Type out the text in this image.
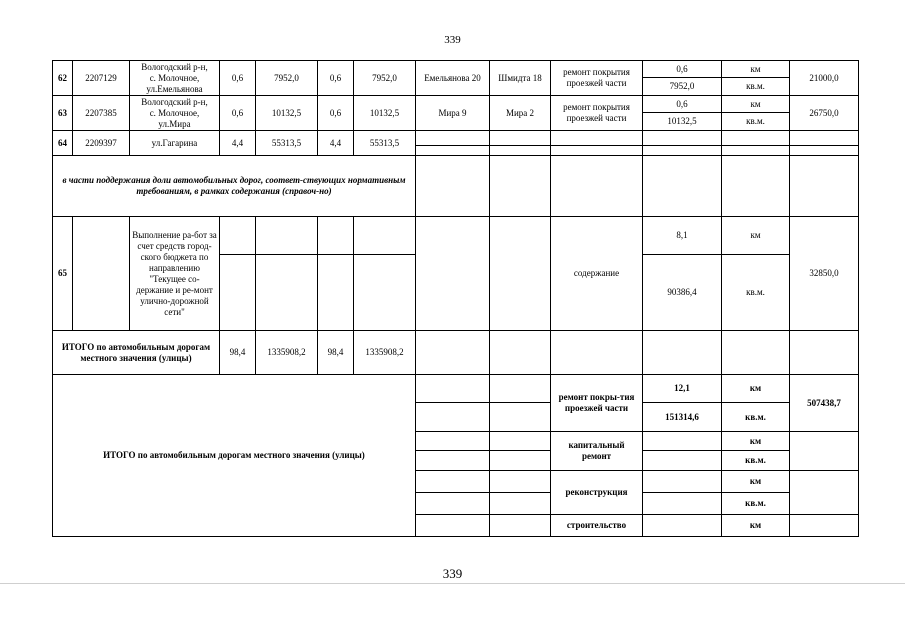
339
62	2207129	Вологодский р-н,
с. Молочное,
ул.Емельянова	0,6	7952,0	0,6	7952,0	Емельянова 20	Шмидта 18	ремонт покрытия проезжей части	0,6	км	21000,0
										7952,0	кв.м.	
63	2207385	Вологодский р-н,
с. Молочное,
ул.Мира	0,6	10132,5	0,6	10132,5	Мира 9	Мира 2	ремонт покрытия проезжей части	0,6	км	26750,0
										10132,5	кв.м.	
64	2209397	ул.Гагарина	4,4	55313,5	4,4	55313,5						

в части поддержания доли автомобильных дорог, соответ-ствующих нормативным требованиям, в рамках содержания (справоч-но)												
65		Выполнение ра-бот за счет средств город-ского бюджета по направлению "Текущее со-держание и ре-монт улично-дорожной сети"							содержание	8,1	км	32850,0
										90386,4	кв.м.	
ИТОГО по автомобильным дорогам местного значения (улицы)			98,4	1335908,2	98,4	1335908,2						
ИТОГО по автомобильным дорогам местного значения (улицы)									ремонт покры-тия проезжей части	12,1	км	507438,7
										151314,6	кв.м.	
									капитальный ремонт		км	
											кв.м.	
									реконструкция		км	
											кв.м.	
									строительство		км	
339
